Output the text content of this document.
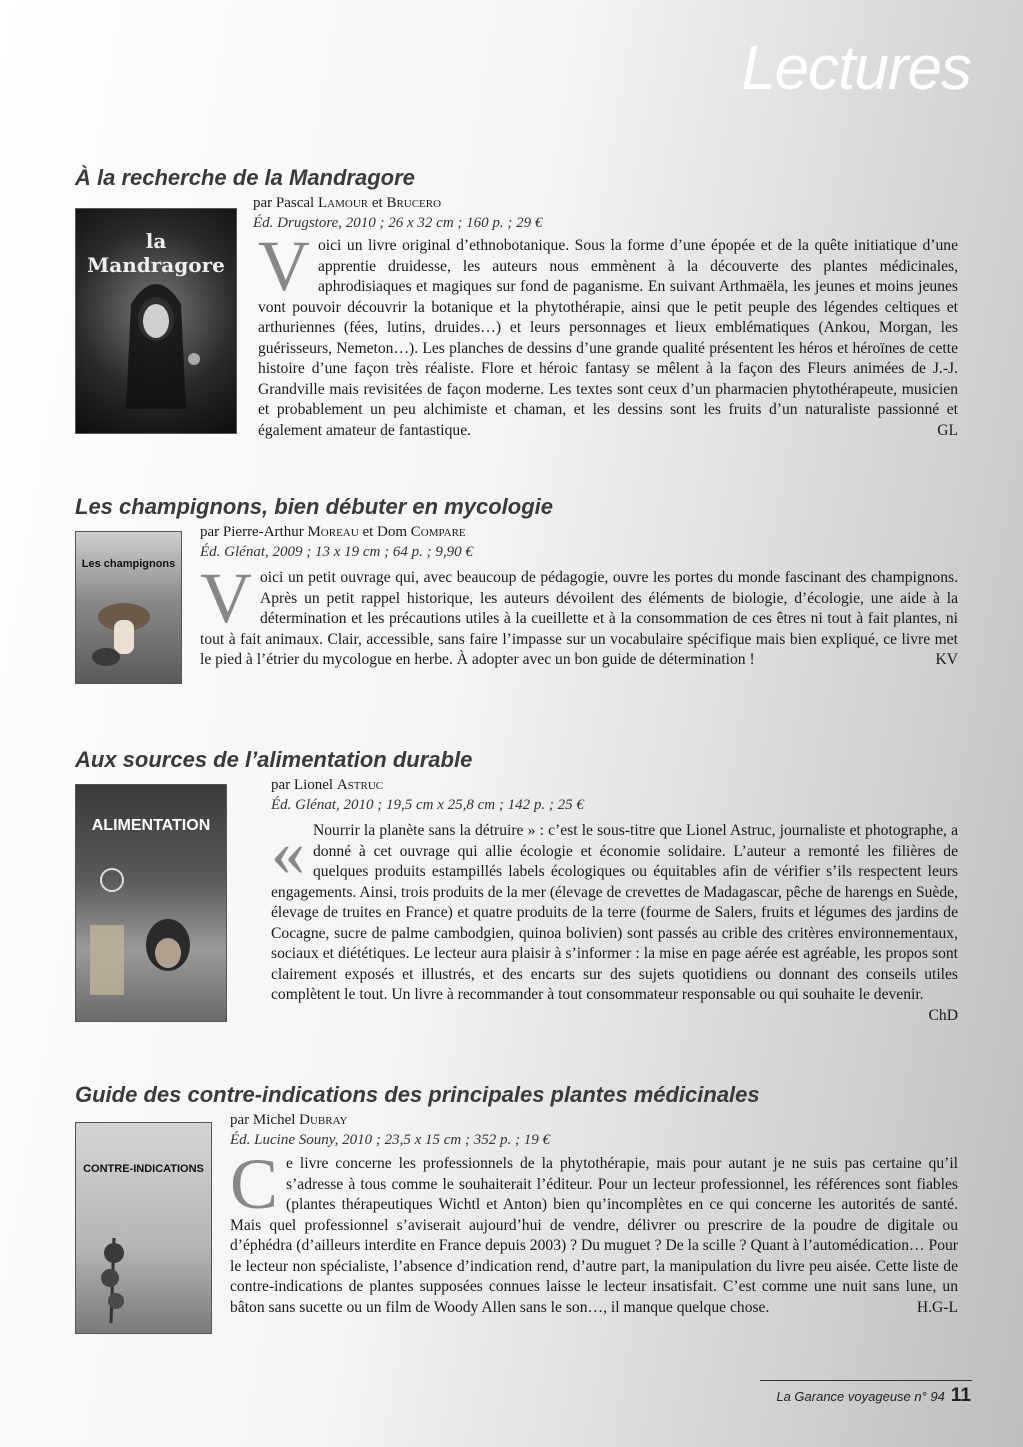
Lectures
À la recherche de la Mandragore
la Mandragore
par Pascal Lamour et Brucero
Éd. Drugstore, 2010 ; 26 x 32 cm ; 160 p. ; 29 €

V oici un livre original d’ethnobotanique. Sous la forme d’une épopée et de la quête initiatique d’une apprentie druidesse, les auteurs nous emmènent à la découverte des plantes médicinales, aphrodisiaques et magiques sur fond de paganisme. En suivant Arthmaëla, les jeunes et moins jeunes vont pouvoir découvrir la botanique et la phytothérapie, ainsi que le petit peuple des légendes celtiques et arthuriennes (fées, lutins, druides…) et leurs personnages et lieux emblématiques (Ankou, Morgan, les guérisseurs, Nemeton…). Les planches de dessins d’une grande qualité présentent les héros et héroïnes de cette histoire d’une façon très réaliste. Flore et héroic fantasy se mêlent à la façon des Fleurs animées de J.-J. Grandville mais revisitées de façon moderne. Les textes sont ceux d’un pharmacien phytothérapeute, musicien et probablement un peu alchimiste et chaman, et les dessins sont les fruits d’un naturaliste passionné et également amateur de fantastique.	GL

Les champignons, bien débuter en mycologie
Les champignons
par Pierre-Arthur Moreau et Dom Compare
Éd. Glénat, 2009 ; 13 x 19 cm ; 64 p. ; 9,90 €
V oici un petit ouvrage qui, avec beaucoup de pédagogie, ouvre les portes du monde fascinant des champignons. Après un petit rappel historique, les auteurs dévoilent des éléments de biologie, d’écologie, une aide à la détermination et les précautions utiles à la cueillette et à la consommation de ces êtres ni tout à fait plantes, ni tout à fait animaux. Clair, accessible, sans faire l’impasse sur un vocabulaire spécifique mais bien expliqué, ce livre met le pied à l’étrier du mycologue en herbe. À adopter avec un bon guide de détermination !	KV

Aux sources de l’alimentation durable
ALIMENTATION
par Lionel Astruc
Éd. Glénat, 2010 ; 19,5 cm x 25,8 cm ; 142 p. ; 25 €
« Nourrir la planète sans la détruire » : c’est le sous-titre que Lionel Astruc, journaliste et photographe, a donné à cet ouvrage qui allie écologie et économie solidaire. L’auteur a remonté les filières de quelques produits estampillés labels écologiques ou équitables afin de vérifier s’ils respectent leurs engagements. Ainsi, trois produits de la mer (élevage de crevettes de Madagascar, pêche de harengs en Suède, élevage de truites en France) et quatre produits de la terre (fourme de Salers, fruits et légumes des jardins de Cocagne, sucre de palme cambodgien, quinoa bolivien) sont passés au crible des critères environnementaux, sociaux et diététiques. Le lecteur aura plaisir à s’informer : la mise en page aérée est agréable, les propos sont clairement exposés et illustrés, et des encarts sur des sujets quotidiens ou donnant des conseils utiles complètent le tout. Un livre à recommander à tout consommateur responsable ou qui souhaite le devenir.
ChD

Guide des contre-indications des principales plantes médicinales
CONTRE-INDICATIONS
par Michel Dubray
Éd. Lucine Souny, 2010 ; 23,5 x 15 cm ; 352 p. ; 19 €
C e livre concerne les professionnels de la phytothérapie, mais pour autant je ne suis pas certaine qu’il s’adresse à tous comme le souhaiterait l’éditeur. Pour un lecteur professionnel, les références sont fiables (plantes thérapeutiques Wichtl et Anton) bien qu’incomplètes en ce qui concerne les autorités de santé. Mais quel professionnel s’aviserait aujourd’hui de vendre, délivrer ou prescrire de la poudre de digitale ou d’éphédra (d’ailleurs interdite en France depuis 2003) ? Du muguet ? De la scille ? Quant à l’automédication… Pour le lecteur non spécialiste, l’absence d’indication rend, d’autre part, la manipulation du livre peu aisée. Cette liste de contre-indications de plantes supposées connues laisse le lecteur insatisfait. C’est comme une nuit sans lune, un bâton sans sucette ou un film de Woody Allen sans le son…, il manque quelque chose.	H.G-L

La Garance voyageuse n° 94 11
